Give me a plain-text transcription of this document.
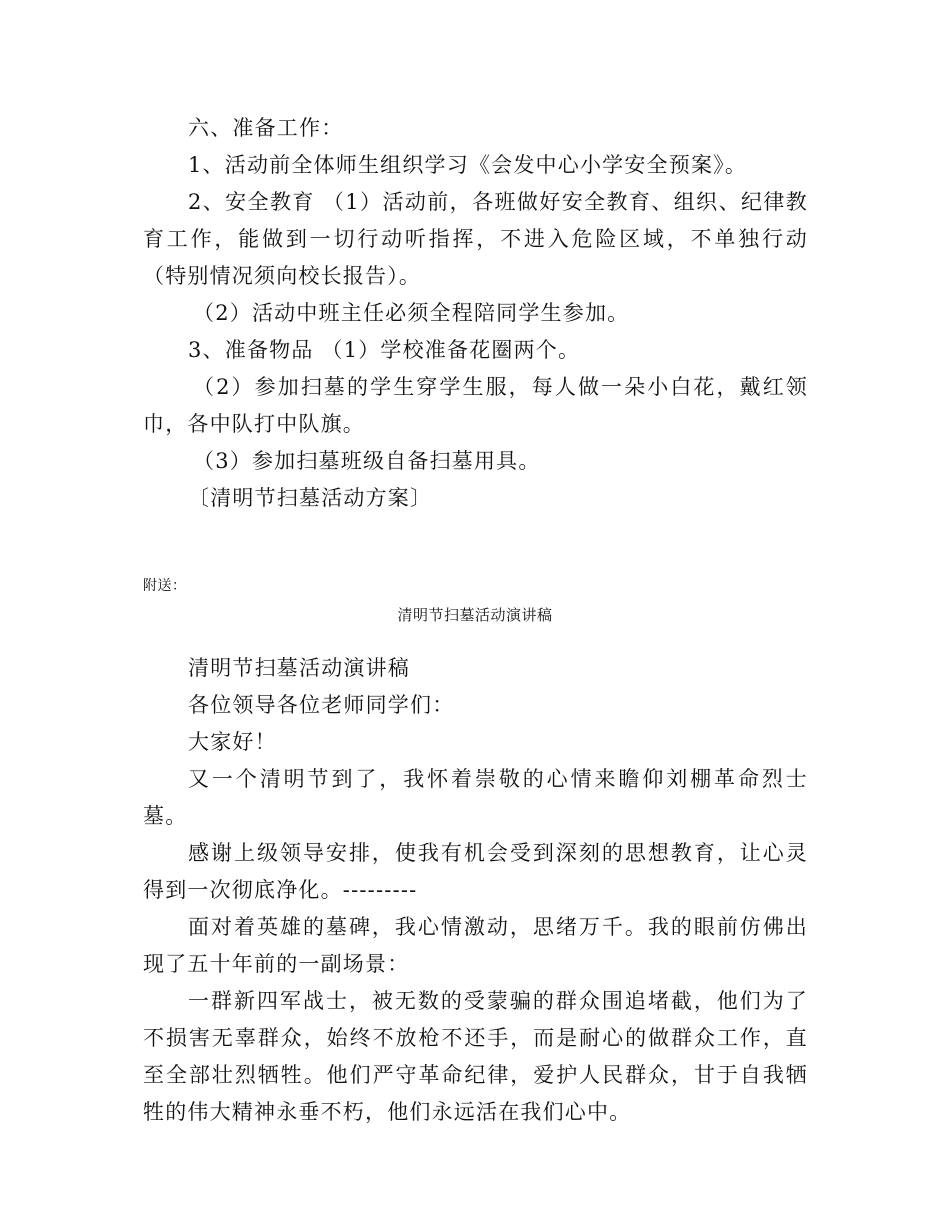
六、准备工作：

1、活动前全体师生组织学习《会发中心小学安全预案》。

2、安全教育 （1）活动前，各班做好安全教育、组织、纪律教育工作，能做到一切行动听指挥，不进入危险区域，不单独行动（特别情况须向校长报告）。

（2）活动中班主任必须全程陪同学生参加。

3、准备物品 （1）学校准备花圈两个。

（2）参加扫墓的学生穿学生服，每人做一朵小白花，戴红领巾，各中队打中队旗。

（3）参加扫墓班级自备扫墓用具。

〔清明节扫墓活动方案〕

附送：

清明节扫墓活动演讲稿

清明节扫墓活动演讲稿

各位领导各位老师同学们：

大家好！

又一个清明节到了，我怀着崇敬的心情来瞻仰刘棚革命烈士墓。

感谢上级领导安排，使我有机会受到深刻的思想教育，让心灵得到一次彻底净化。---------

面对着英雄的墓碑，我心情激动，思绪万千。我的眼前仿佛出现了五十年前的一副场景：

一群新四军战士，被无数的受蒙骗的群众围追堵截，他们为了不损害无辜群众，始终不放枪不还手，而是耐心的做群众工作，直至全部壮烈牺牲。他们严守革命纪律，爱护人民群众，甘于自我牺牲的伟大精神永垂不朽，他们永远活在我们心中。
